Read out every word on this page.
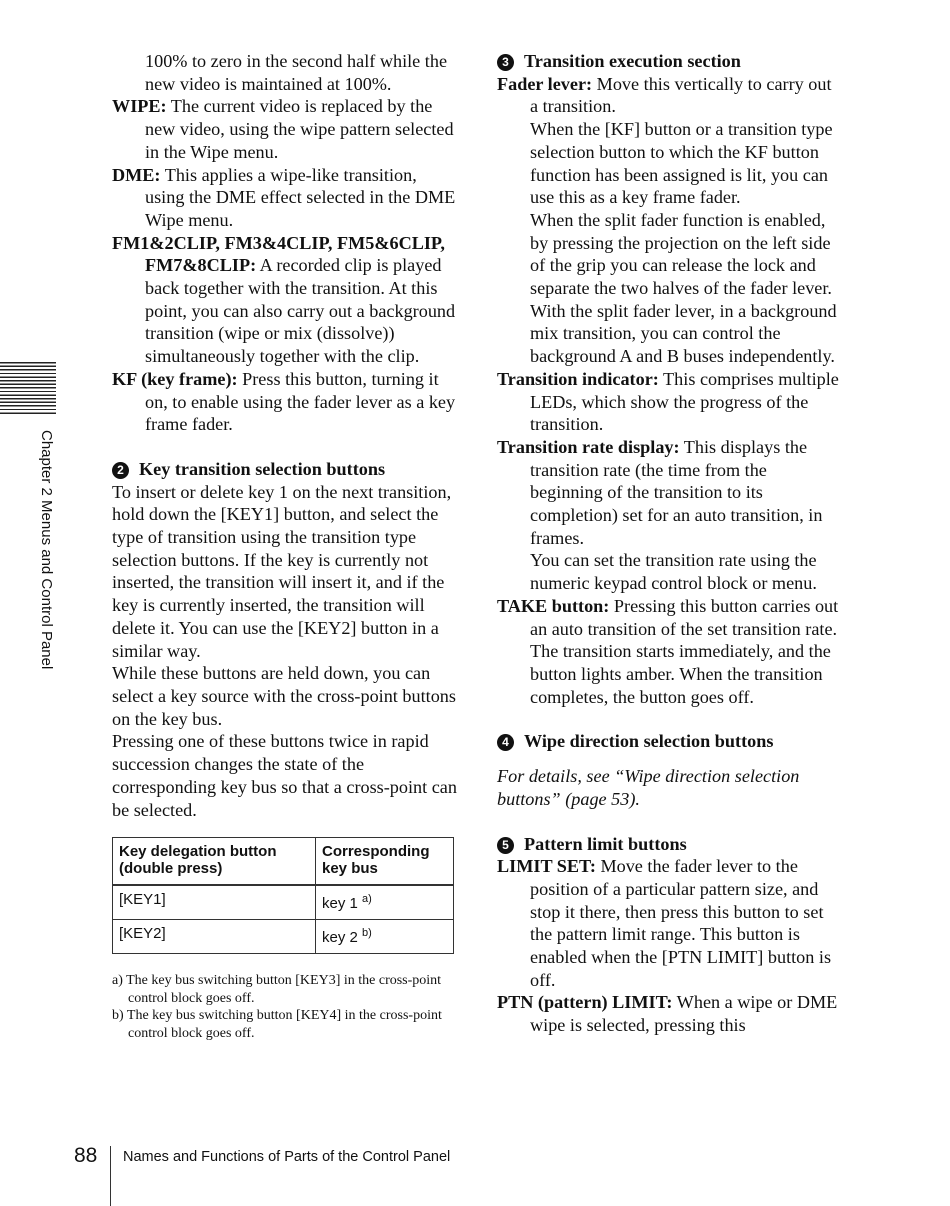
Chapter 2 Menus and Control Panel

100% to zero in the second half while the new video is maintained at 100%.

WIPE: The current video is replaced by the new video, using the wipe pattern selected in the Wipe menu.

DME: This applies a wipe-like transition, using the DME effect selected in the DME Wipe menu.

FM1&2CLIP, FM3&4CLIP, FM5&6CLIP, FM7&8CLIP: A recorded clip is played back together with the transition. At this point, you can also carry out a background transition (wipe or mix (dissolve)) simultaneously together with the clip.

KF (key frame): Press this button, turning it on, to enable using the fader lever as a key frame fader.

2 Key transition selection buttons

To insert or delete key 1 on the next transition, hold down the [KEY1] button, and select the type of transition using the transition type selection buttons. If the key is currently not inserted, the transition will insert it, and if the key is currently inserted, the transition will delete it. You can use the [KEY2] button in a similar way.

While these buttons are held down, you can select a key source with the cross-point buttons on the key bus.

Pressing one of these buttons twice in rapid succession changes the state of the corresponding key bus so that a cross-point can be selected.

Key delegation button (double press)	Corresponding key bus
[KEY1]	key 1 $^{a)}$
[KEY2]	key 2 $^{b)}$

a) The key bus switching button [KEY3] in the cross-point control block goes off.

b) The key bus switching button [KEY4] in the cross-point control block goes off.

3 Transition execution section

Fader lever: Move this vertically to carry out a transition.

When the [KF] button or a transition type selection button to which the KF button function has been assigned is lit, you can use this as a key frame fader.

When the split fader function is enabled, by pressing the projection on the left side of the grip you can release the lock and separate the two halves of the fader lever. With the split fader lever, in a background mix transition, you can control the background A and B buses independently.

Transition indicator: This comprises multiple LEDs, which show the progress of the transition.

Transition rate display: This displays the transition rate (the time from the beginning of the transition to its completion) set for an auto transition, in frames.

You can set the transition rate using the numeric keypad control block or menu.

TAKE button: Pressing this button carries out an auto transition of the set transition rate. The transition starts immediately, and the button lights amber. When the transition completes, the button goes off.

4 Wipe direction selection buttons

For details, see “Wipe direction selection buttons” (page 53).

5 Pattern limit buttons

LIMIT SET: Move the fader lever to the position of a particular pattern size, and stop it there, then press this button to set the pattern limit range. This button is enabled when the [PTN LIMIT] button is off.

PTN (pattern) LIMIT: When a wipe or DME wipe is selected, pressing this

88 Names and Functions of Parts of the Control Panel
